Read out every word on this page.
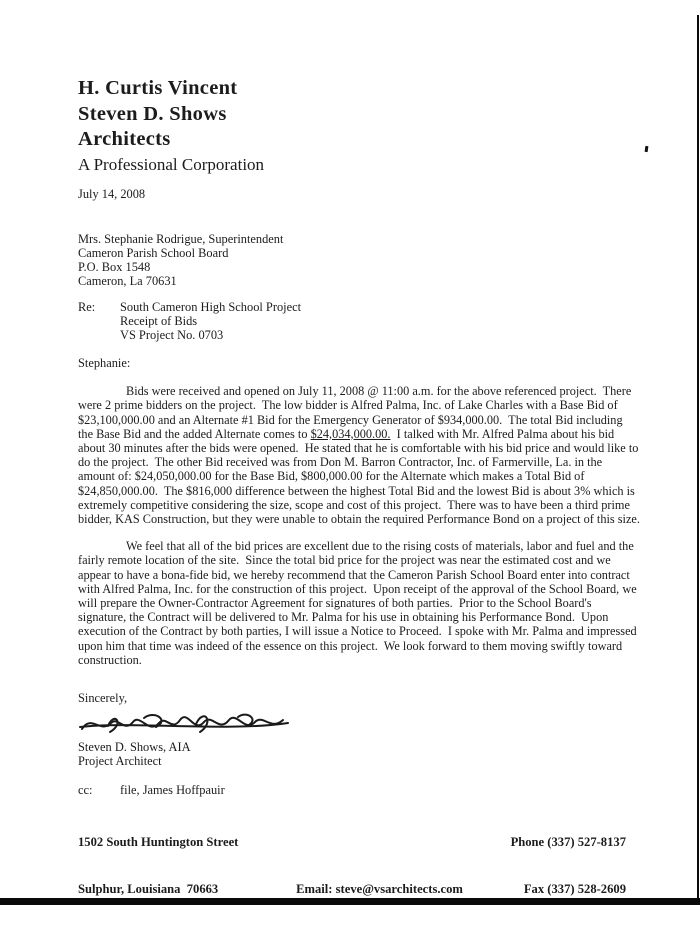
H. Curtis Vincent
Steven D. Shows
Architects
A Professional Corporation
July 14, 2008
Mrs. Stephanie Rodrigue, Superintendent
Cameron Parish School Board
P.O. Box 1548
Cameron, La 70631
Re:	South Cameron High School Project
Receipt of Bids
VS Project No. 0703
Stephanie:

Bids were received and opened on July 11, 2008 @ 11:00 a.m. for the above referenced project.  There were 2 prime bidders on the project.  The low bidder is Alfred Palma, Inc. of Lake Charles with a Base Bid of $23,100,000.00 and an Alternate #1 Bid for the Emergency Generator of $934,000.00.  The total Bid including the Base Bid and the added Alternate comes to $24,034,000.00.  I talked with Mr. Alfred Palma about his bid about 30 minutes after the bids were opened.  He stated that he is comfortable with his bid price and would like to do the project.  The other Bid received was from Don M. Barron Contractor, Inc. of Farmerville, La. in the amount of: $24,050,000.00 for the Base Bid, $800,000.00 for the Alternate which makes a Total Bid of $24,850,000.00.  The $816,000 difference between the highest Total Bid and the lowest Bid is about 3% which is extremely competitive considering the size, scope and cost of this project.  There was to have been a third prime bidder, KAS Construction, but they were unable to obtain the required Performance Bond on a project of this size.

We feel that all of the bid prices are excellent due to the rising costs of materials, labor and fuel and the fairly remote location of the site.  Since the total bid price for the project was near the estimated cost and we appear to have a bona-fide bid, we hereby recommend that the Cameron Parish School Board enter into contract with Alfred Palma, Inc. for the construction of this project.  Upon receipt of the approval of the School Board, we will prepare the Owner-Contractor Agreement for signatures of both parties.  Prior to the School Board's signature, the Contract will be delivered to Mr. Palma for his use in obtaining his Performance Bond.  Upon execution of the Contract by both parties, I will issue a Notice to Proceed.  I spoke with Mr. Palma and impressed upon him that time was indeed of the essence on this project.  We look forward to them moving swiftly toward construction.

Sincerely,
Steven D. Shows, AIA
Project Architect
cc:	file, James Hoffpauir

1502 South Huntington Street	Phone (337) 527-8137

Sulphur, Louisiana  70663	Email: steve@vsarchitects.com	Fax (337) 528-2609
